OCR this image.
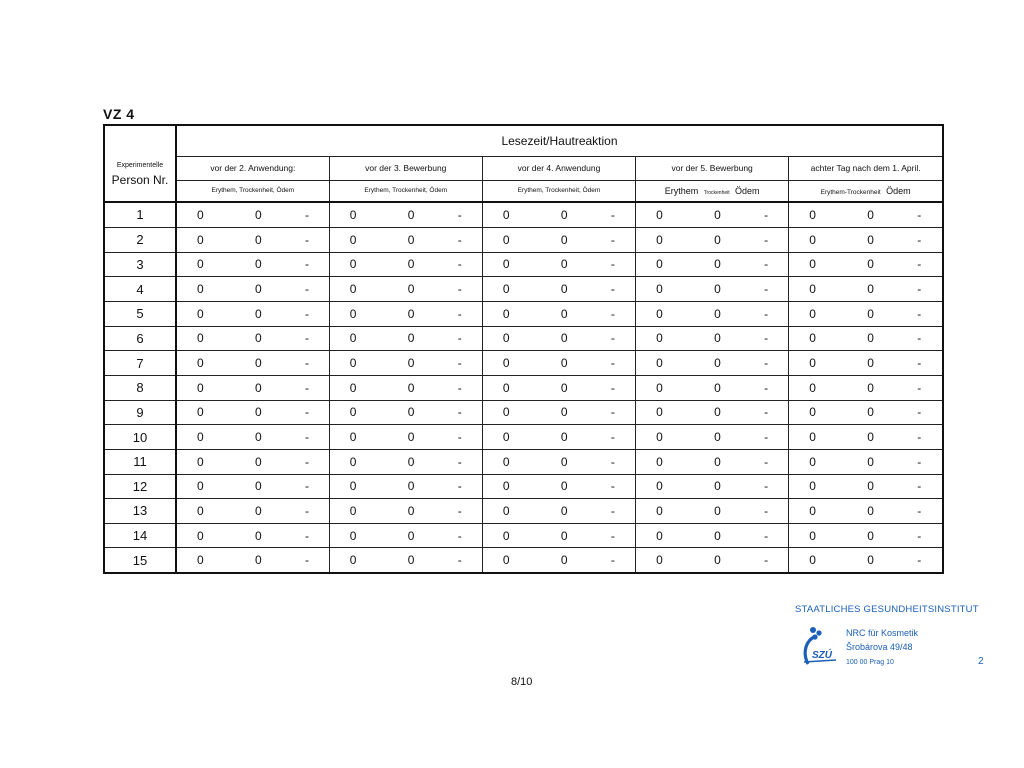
VZ 4
Experimentelle
Person Nr.	Lesezeit/Hautreaktion				
	vor der 2. Anwendung:	vor der 3. Bewerbung	vor der 4. Anwendung	vor der 5. Bewerbung	achter Tag nach dem 1. April.
	Erythem, Trockenheit, Ödem	Erythem, Trockenheit, Ödem	Erythem, Trockenheit, Ödem	Erythem Trockenheit Ödem	Erythem-Trockenheit Ödem
1	0 0 -	0 0 -	0 0 -	0 0 -	0 0 -

2	0 0 -	0 0 -	0 0 -	0 0 -	0 0 -

3	0 0 -	0 0 -	0 0 -	0 0 -	0 0 -

4	0 0 -	0 0 -	0 0 -	0 0 -	0 0 -

5	0 0 -	0 0 -	0 0 -	0 0 -	0 0 -

6	0 0 -	0 0 -	0 0 -	0 0 -	0 0 -

7	0 0 -	0 0 -	0 0 -	0 0 -	0 0 -

8	0 0 -	0 0 -	0 0 -	0 0 -	0 0 -

9	0 0 -	0 0 -	0 0 -	0 0 -	0 0 -

10	0 0 -	0 0 -	0 0 -	0 0 -	0 0 -

11	0 0 -	0 0 -	0 0 -	0 0 -	0 0 -

12	0 0 -	0 0 -	0 0 -	0 0 -	0 0 -

13	0 0 -	0 0 -	0 0 -	0 0 -	0 0 -

14	0 0 -	0 0 -	0 0 -	0 0 -	0 0 -

15	0 0 -	0 0 -	0 0 -	0 0 -	0 0 -
STAATLICHES GESUNDHEITSINSTITUT
SZÚ
NRC für Kosmetik
Šrobárova 49/48
100 00 Prag 10	2
8/10
